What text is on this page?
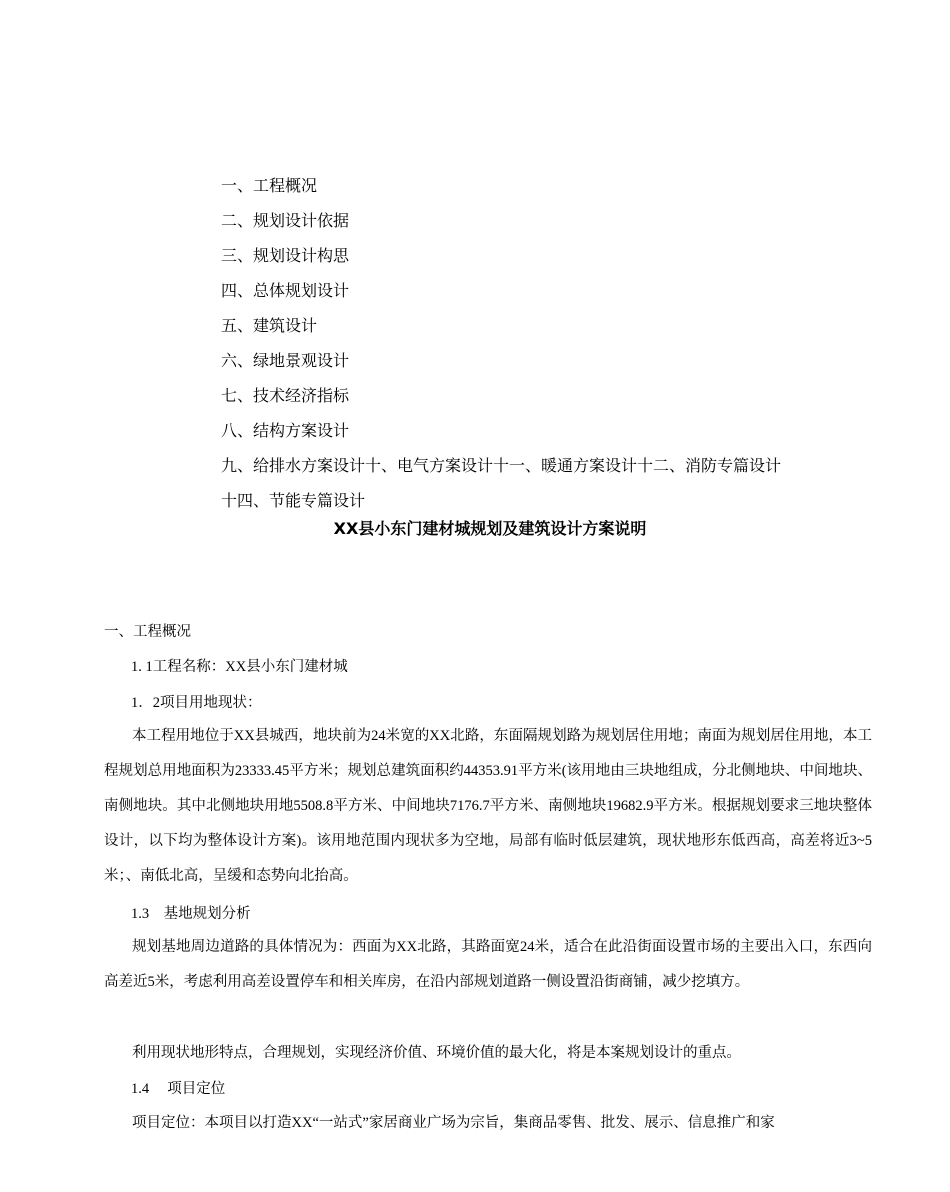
一、工程概况
二、规划设计依据
三、规划设计构思
四、总体规划设计
五、建筑设计
六、绿地景观设计
七、技术经济指标
八、结构方案设计
九、给排水方案设计十、电气方案设计十一、暖通方案设计十二、消防专篇设计
十四、节能专篇设计
XX县小东门建材城规划及建筑设计方案说明
一、工程概况
1. 1工程名称：XX县小东门建材城
1．2项目用地现状：
本工程用地位于XX县城西，地块前为24米宽的XX北路，东面隔规划路为规划居住用地；南面为规划居住用地，本工程规划总用地面积为23333.45平方米；规划总建筑面积约44353.91平方米(该用地由三块地组成，分北侧地块、中间地块、南侧地块。其中北侧地块用地5508.8平方米、中间地块7176.7平方米、南侧地块19682.9平方米。根据规划要求三地块整体设计，以下均为整体设计方案)。该用地范围内现状多为空地，局部有临时低层建筑，现状地形东低西高，高差将近3~5米；、南低北高，呈缓和态势向北抬高。
1.3　基地规划分析
规划基地周边道路的具体情况为：西面为XX北路，其路面宽24米，适合在此沿街面设置市场的主要出入口，东西向高差近5米，考虑利用高差设置停车和相关库房，在沿内部规划道路一侧设置沿街商铺，减少挖填方。
利用现状地形特点，合理规划，实现经济价值、环境价值的最大化，将是本案规划设计的重点。
1.4　 项目定位
项目定位：本项目以打造XX“一站式”家居商业广场为宗旨，集商品零售、批发、展示、信息推广和家
